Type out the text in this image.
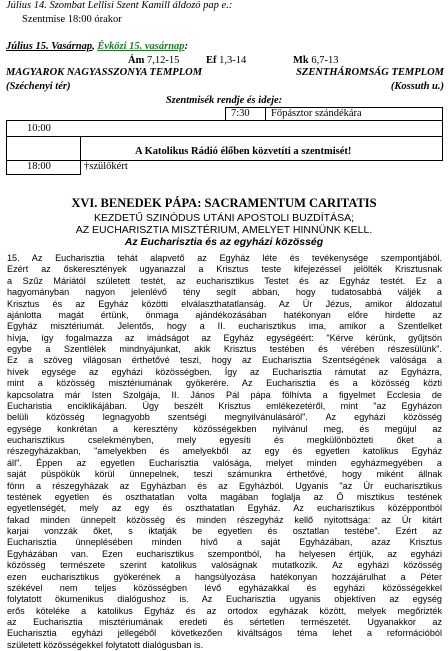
Július 14. Szombat Lellisi Szent Kamill áldozó pap e.:
Szentmise 18:00 órakor
Július 15. Vasárnap, Évközi 15. vasárnap:
Ám 7,12-15	Ef 1,3-14	Mk 6,7-13
MAGYAROK NAGYASSZONYA TEMPLOM	SZENTHÁROMSÁG TEMPLOM
(Széchenyi tér)	(Kossuth u.)
Szentmisék rendje és ideje:
7:30 Főpásztor szándékára
10:00
A Katolikus Rádió élőben közvetíti a szentmisét!
18:00	†szülőkért
XVI. BENEDEK PÁPA: SACRAMENTUM CARITATIS
KEZDETŰ SZINÓDUS UTÁNI APOSTOLI BUZDÍTÁSA;
AZ EUCHARISZTIA MISZTÉRIUM, AMELYET HINNÜNK KELL.
Az Eucharisztia és az egyházi közösség
15. Az Eucharisztia tehát alapvető az Egyház léte és tevékenysége szempontjából.
Ezért az őskeresztények ugyanazzal a Krisztus teste kifejezéssel jelölték Krisztusnak
a Szűz Máriától született testét, az eucharisztikus Testet és az Egyház testét. Ez a
hagyományban nagyon jelenlévő tény segít abban, hogy tudatosabbá váljék a
Krisztus és az Egyház közötti elválaszthatatlanság. Az Úr Jézus, amikor áldozatul
ajánlotta magát értünk, önmaga ajándékozásában hatékonyan előre hirdette az
Egyház misztériumát. Jelentős, hogy a II. eucharisztikus ima, amikor a Szentlelket
hívja, így fogalmazza az imádságot az Egyház egységéért: "Kérve kérünk, gyűjtsön
egybe a Szentlélek mindnyájunkat, akik Krisztus testében és vérében részesülünk".
Ez a szöveg világosan érthetővé teszi, hogy az Eucharisztia Szentségének valósága a
hívek egysége az egyházi közösségben. Így az Eucharisztia rámutat az Egyházra,
mint a közösség misztériumának gyökerére. Az Eucharisztia és a közösség közti
kapcsolatra már Isten Szolgája, II. János Pál pápa fölhívta a figyelmet Ecclesia de
Eucharistia enciklikájában. Úgy beszélt Krisztus emlékezetéről, mint "az Egyházon
belüli közösség legnagyobb szentségi megnyilvánulásáról". Az egyházi közösség
egysége konkrétan a keresztény közösségekben nyilvánul meg, és megújul az
eucharisztikus cselekményben, mely egyesíti és megkülönbözteti őket a
részegyházakban, "amelyekben és amelyekből az egy és egyetlen katolikus Egyház
áll". Éppen az egyetlen Eucharisztia valósága, melyet minden egyházmegyében a
saját püspökük körül ünnepelnek, teszi számunkra érthetővé, hogy miként állnak
fönn a részegyházak az Egyházban és az Egyházból. Ugyanis "az Úr eucharisztikus
testének egyetlen és oszthatatlan volta magában foglalja az Ő misztikus testének
egyetlenségét, mely az egy és oszthatatlan Egyház. Az eucharisztikus középpontból
fakad minden ünnepelt közösség és minden részegyház kellő nyitottsága: az Úr kitárt
karjai vonzzák őket, s iktatják be egyetlen és osztatlan testébe". Ezért az
Eucharisztia ünneplésében minden hívő a saját Egyházában, azaz Krisztus
Egyházában van. Ezen eucharisztikus szempontból, ha helyesen értjük, az egyházi
közösség természete szerint katolikus valóságnak mutatkozik. Az egyházi közösség
ezen eucharisztikus gyökerének a hangsúlyozása hatékonyan hozzájárulhat a Péter
székével nem teljes közösségben lévő egyházakkal és egyházi közösségekkel
folytatott ökumenikus dialógushoz is. Az Eucharisztia ugyanis objektíven az egység
erős köteléke a katolikus Egyház és az ortodox egyházak között, melyek megőrizték
az Eucharisztia misztériumának eredeti és sértetlen természetét. Ugyanakkor az
Eucharisztia egyházi jellegéből következően kiváltságos téma lehet a reformációból
született közösségekkel folytatott dialógusban is.
